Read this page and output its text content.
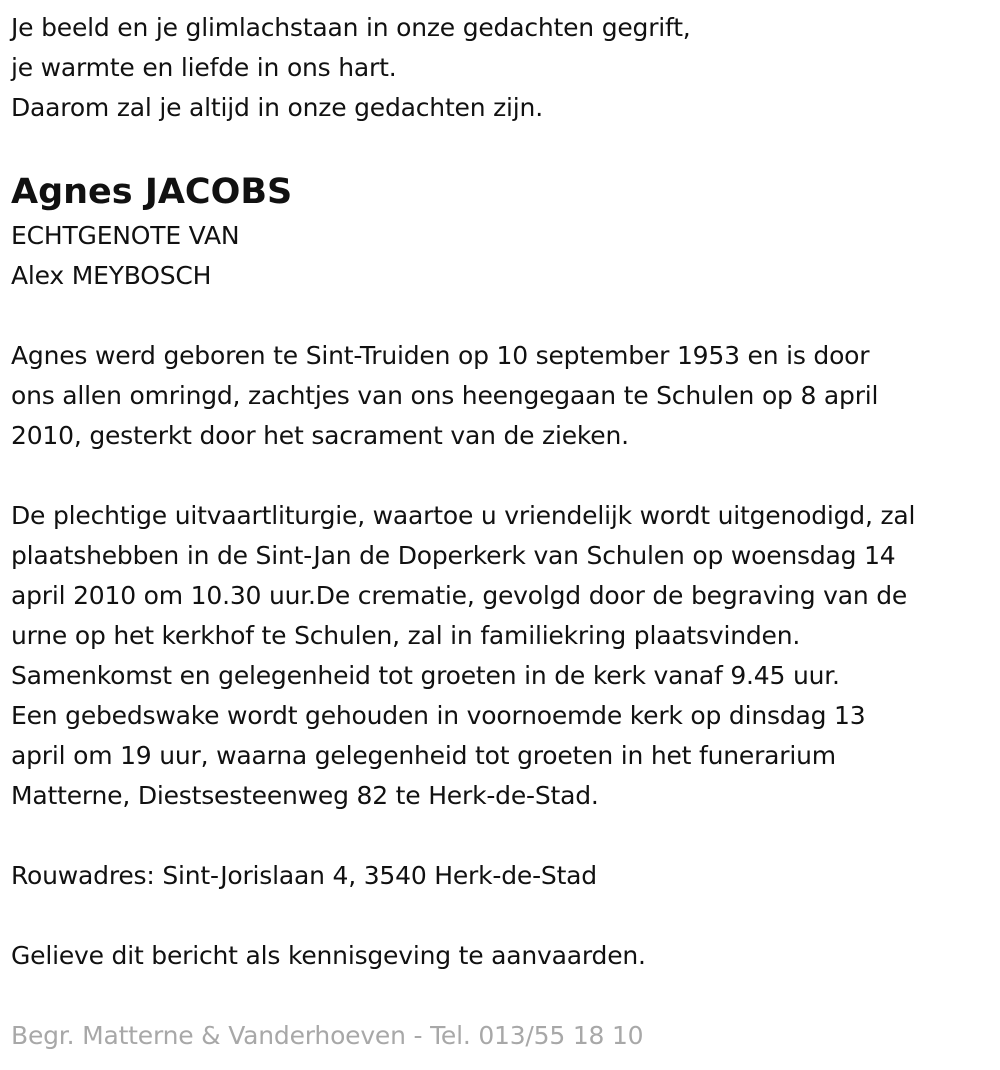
Je beeld en je glimlachstaan in onze gedachten gegrift,
je warmte en liefde in ons hart.
Daarom zal je altijd in onze gedachten zijn.
Agnes JACOBS
ECHTGENOTE VAN
Alex MEYBOSCH
Agnes werd geboren te Sint-Truiden op 10 september 1953 en is door
ons allen omringd, zachtjes van ons heengegaan te Schulen op 8 april
2010, gesterkt door het sacrament van de zieken.
De plechtige uitvaartliturgie, waartoe u vriendelijk wordt uitgenodigd, zal
plaatshebben in de Sint-Jan de Doperkerk van Schulen op woensdag 14
april 2010 om 10.30 uur.De crematie, gevolgd door de begraving van de
urne op het kerkhof te Schulen, zal in familiekring plaatsvinden.
Samenkomst en gelegenheid tot groeten in de kerk vanaf 9.45 uur.
Een gebedswake wordt gehouden in voornoemde kerk op dinsdag 13
april om 19 uur, waarna gelegenheid tot groeten in het funerarium
Matterne, Diestsesteenweg 82 te Herk-de-Stad.
Rouwadres: Sint-Jorislaan 4, 3540 Herk-de-Stad
Gelieve dit bericht als kennisgeving te aanvaarden.
Begr. Matterne & Vanderhoeven - Tel. 013/55 18 10
